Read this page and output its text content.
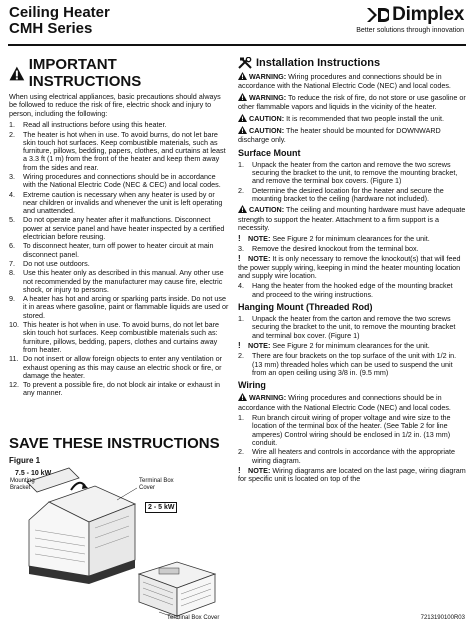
Ceiling Heater
CMH Series
Dimplex
Better solutions through innovation
IMPORTANT INSTRUCTIONS

When using electrical appliances, basic precautions should always be followed to reduce the risk of fire, electric shock and injury to person, including the following:

1. Read all instructions before using this heater.
2. The heater is hot when in use. To avoid burns, do not let bare skin touch hot surfaces. Keep combustible materials, such as furniture, pillows, bedding, papers, clothes, and curtains at least a 3.3 ft (1 m) from the front of the heater and keep them away from the sides and rear.
3. Wiring procedures and connections should be in accordance with the National Electric Code (NEC & CEC) and local codes.
4. Extreme caution is necessary when any heater is used by or near children or invalids and whenever the unit is left operating and unattended.
5. Do not operate any heater after it malfunctions. Disconnect power at service panel and have heater inspected by a certified electrician before reusing.
6. To disconnect heater, turn off power to heater circuit at main disconnect panel.
7. Do not use outdoors.
8. Use this heater only as described in this manual. Any other use not recommended by the manufacturer may cause fire, electric shock, or injury to persons.
9. A heater has hot and arcing or sparking parts inside. Do not use it in areas where gasoline, paint or flammable liquids are used or stored.
10. This heater is hot when in use. To avoid burns, do not let bare skin touch hot surfaces. Keep combustible materials such as: furniture, pillows, bedding, papers, clothes and curtains away from heater.
11. Do not insert or allow foreign objects to enter any ventilation or exhaust opening as this may cause an electric shock or fire, or damage the heater.
12. To prevent a possible fire, do not block air intake or exhaust in any manner.
SAVE THESE INSTRUCTIONS
Figure 1
7.5 - 10 kW
Mounting Bracket
Terminal Box Cover
2 - 5 kW
Terminal Box Cover
Installation Instructions

WARNING: Wiring procedures and connections should be in accordance with the National Electric Code (NEC) and local codes.

WARNING: To reduce the risk of fire, do not store or use gasoline or other flammable vapors and liquids in the vicinity of the heater.

CAUTION: It is recommended that two people install the unit.

CAUTION: The heater should be mounted for DOWNWARD discharge only.

Surface Mount
1. Unpack the heater from the carton and remove the two screws securing the bracket to the unit, to remove the mounting bracket, and remove the terminal box covers. (Figure 1)
2. Determine the desired location for the heater and secure the mounting bracket to the ceiling (hardware not included).

CAUTION: The ceiling and mounting hardware must have adequate strength to support the heater. Attachment to a firm support is a necessity.

! NOTE: See Figure 2 for minimum clearances for the unit.

3. Remove the desired knockout from the terminal box.

! NOTE: It is only necessary to remove the knockout(s) that will feed the power supply wiring, keeping in mind the heater mounting location and supply wire location.

4. Hang the heater from the hooked edge of the mounting bracket and proceed to the wiring instructions.
Hanging Mount (Threaded Rod)
1. Unpack the heater from the carton and remove the two screws securing the bracket to the unit, to remove the mounting bracket and terminal box cover. (Figure 1)

! NOTE: See Figure 2 for minimum clearances for the unit.

2. There are four brackets on the top surface of the unit with 1/2 in. (13 mm) threaded holes which can be used to suspend the unit from an open ceiling using 3/8 in. (9.5 mm)
Wiring

WARNING: Wiring procedures and connections should be in accordance with the National Electric Code (NEC) and local codes.

1. Run branch circuit wiring of proper voltage and wire size to the location of the terminal box of the heater. (See Table 2 for line amperes) Control wiring should be enclosed in 1/2 in. (13 mm) conduit.
2. Wire all heaters and controls in accordance with the appropriate wiring diagram.

! NOTE: Wiring diagrams are located on the last page, wiring diagram for specific unit is located on top of the

7213190100R03
